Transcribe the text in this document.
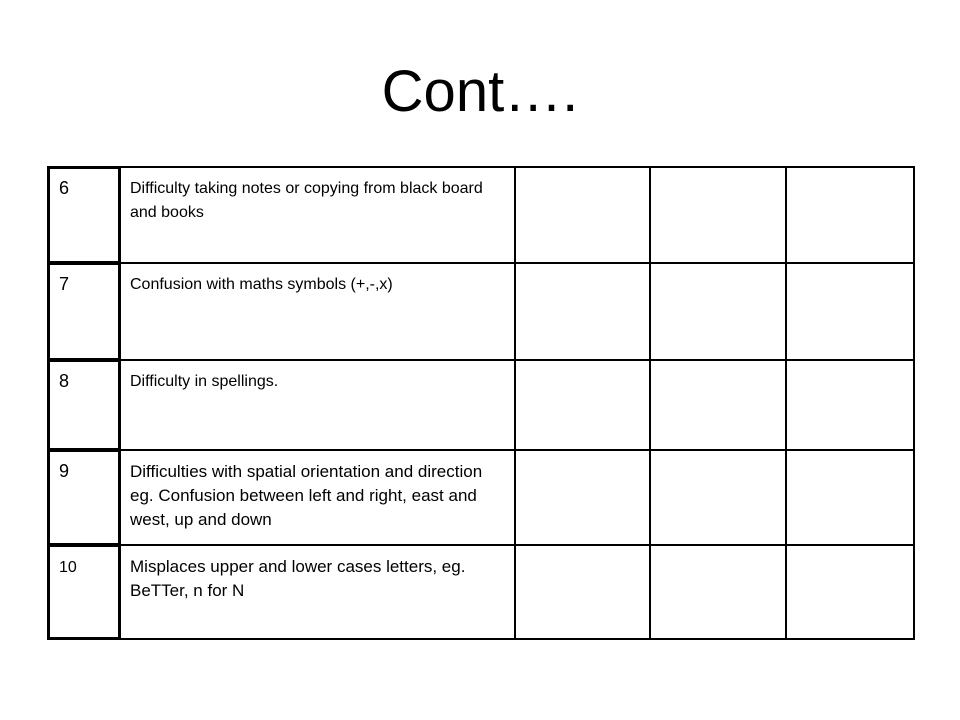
Cont….
6	Difficulty taking notes or copying from black board and books			

7	Confusion with maths symbols (+,-,x)			

8	Difficulty in spellings.			

9	Difficulties with spatial orientation and direction eg. Confusion between left and right, east and west, up and down			

10	Misplaces upper and lower cases letters, eg. BeTTer, n for N			
